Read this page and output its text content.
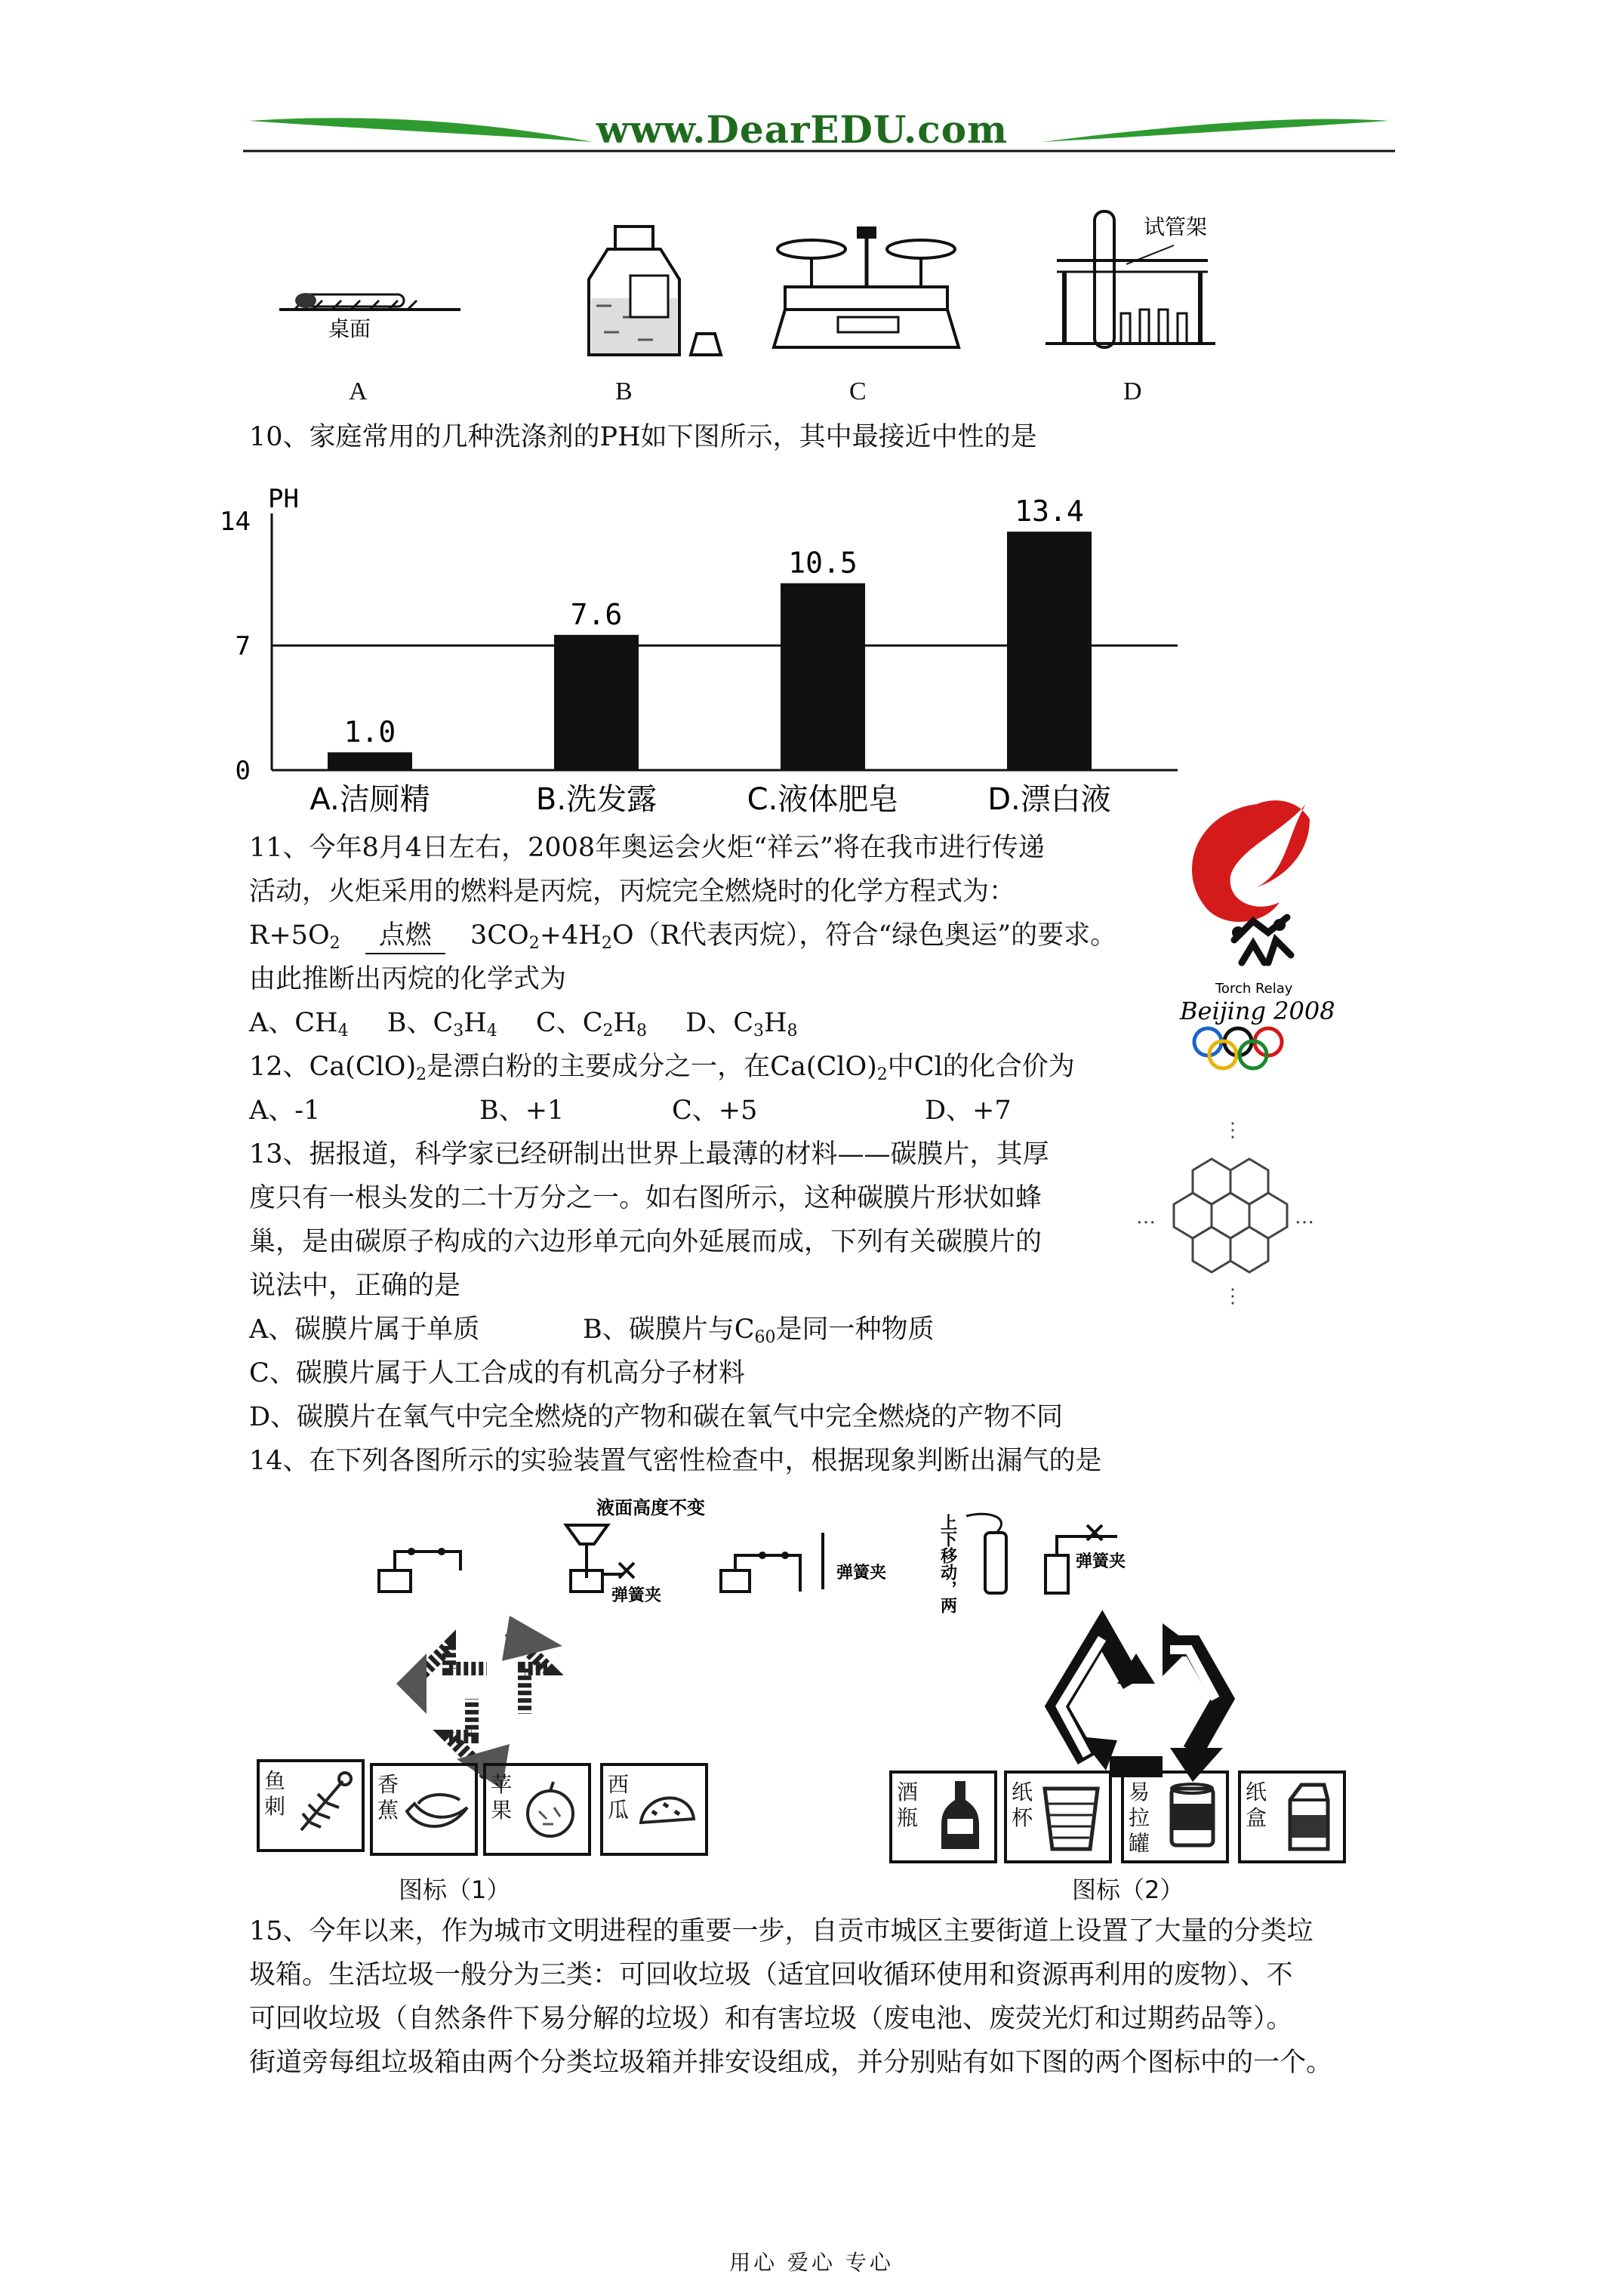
www.DearEDU.com
桌面
试管架
A	B	C	D
10、家庭常用的几种洗涤剂的PH如下图所示，其中最接近中性的是
PH
14
7
0
1.0
A.洁厕精
7.6
B.洗发露
10.5
C.液体肥皂
13.4
D.漂白液
11、今年8月4日左右，2008年奥运会火炬“祥云”将在我市进行传递
活动，火炬采用的燃料是丙烷，丙烷完全燃烧时的化学方程式为：
$R+5O_2$ 点燃 $3CO_2+4H_2O(R$代表丙烷），符合“绿色奥运”的要求。
由此推断出丙烷的化学式为
A、$CH_4$ B、$C_3H_4$ C、$C_2H_8$ D、$C_3H_8$
Torch Relay
Beijing 2008
12、$Ca(ClO)_2$是漂白粉的主要成分之一，在$Ca(ClO)_2$中Cl的化合价为
A、-1	B、+1	C、+5	D、+7
13、据报道，科学家已经研制出世界上最薄的材料——碳膜片，其厚
度只有一根头发的二十万分之一。如右图所示，这种碳膜片形状如蜂
巢，是由碳原子构成的六边形单元向外延展而成，下列有关碳膜片的
说法中，正确的是
A、碳膜片属于单质	B、碳膜片与$C_{60}$是同一种物质
C、碳膜片属于人工合成的有机高分子材料
D、碳膜片在氧气中完全燃烧的产物和碳在氧气中完全燃烧的产物不同
⋮
⋮
…	…
14、在下列各图所示的实验装置气密性检查中，根据现象判断出漏气的是
液面高度不变
弹簧夹
弹簧夹	上下移动，两	弹簧夹
鱼刺
香蕉
苹果
西瓜
酒瓶
纸杯
易拉罐
纸盒
图标（1）	图标（2）
15、今年以来，作为城市文明进程的重要一步，自贡市城区主要街道上设置了大量的分类垃
圾箱。生活垃圾一般分为三类：可回收垃圾（适宜回收循环使用和资源再利用的废物）、不
可回收垃圾（自然条件下易分解的垃圾）和有害垃圾（废电池、废荧光灯和过期药品等）。
街道旁每组垃圾箱由两个分类垃圾箱并排安设组成，并分别贴有如下图的两个图标中的一个。
用心 爱心 专心
